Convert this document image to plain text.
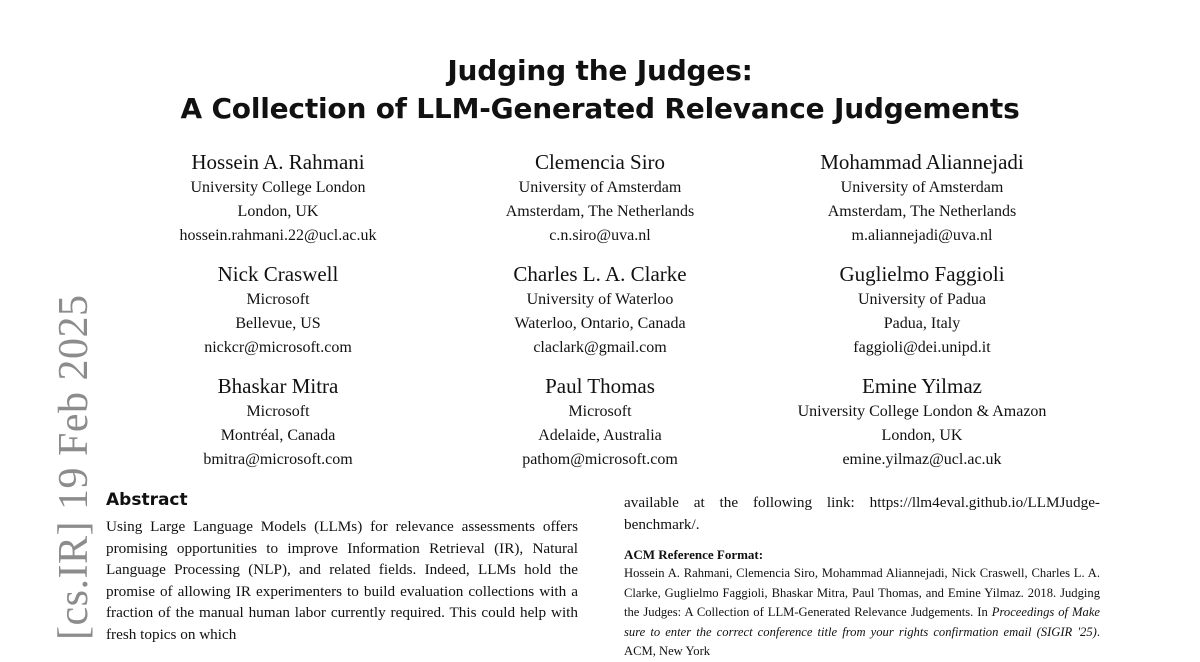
[cs.IR] 19 Feb 2025
Judging the Judges:
A Collection of LLM-Generated Relevance Judgements
Hossein A. Rahmani
University College London
London, UK
hossein.rahmani.22@ucl.ac.uk
Clemencia Siro
University of Amsterdam
Amsterdam, The Netherlands
c.n.siro@uva.nl
Mohammad Aliannejadi
University of Amsterdam
Amsterdam, The Netherlands
m.aliannejadi@uva.nl
Nick Craswell
Microsoft
Bellevue, US
nickcr@microsoft.com
Charles L. A. Clarke
University of Waterloo
Waterloo, Ontario, Canada
claclark@gmail.com
Guglielmo Faggioli
University of Padua
Padua, Italy
faggioli@dei.unipd.it
Bhaskar Mitra
Microsoft
Montréal, Canada
bmitra@microsoft.com
Paul Thomas
Microsoft
Adelaide, Australia
pathom@microsoft.com
Emine Yilmaz
University College London & Amazon
London, UK
emine.yilmaz@ucl.ac.uk
Abstract
Using Large Language Models (LLMs) for relevance assessments offers promising opportunities to improve Information Retrieval (IR), Natural Language Processing (NLP), and related fields. Indeed, LLMs hold the promise of allowing IR experimenters to build evaluation collections with a fraction of the manual human labor currently required. This could help with fresh topics on which
available at the following link: https://llm4eval.github.io/LLMJudge-benchmark/.
ACM Reference Format:
Hossein A. Rahmani, Clemencia Siro, Mohammad Aliannejadi, Nick Craswell, Charles L. A. Clarke, Guglielmo Faggioli, Bhaskar Mitra, Paul Thomas, and Emine Yilmaz. 2018. Judging the Judges: A Collection of LLM-Generated Relevance Judgements. In Proceedings of Make sure to enter the correct conference title from your rights confirmation email (SIGIR '25). ACM, New York
